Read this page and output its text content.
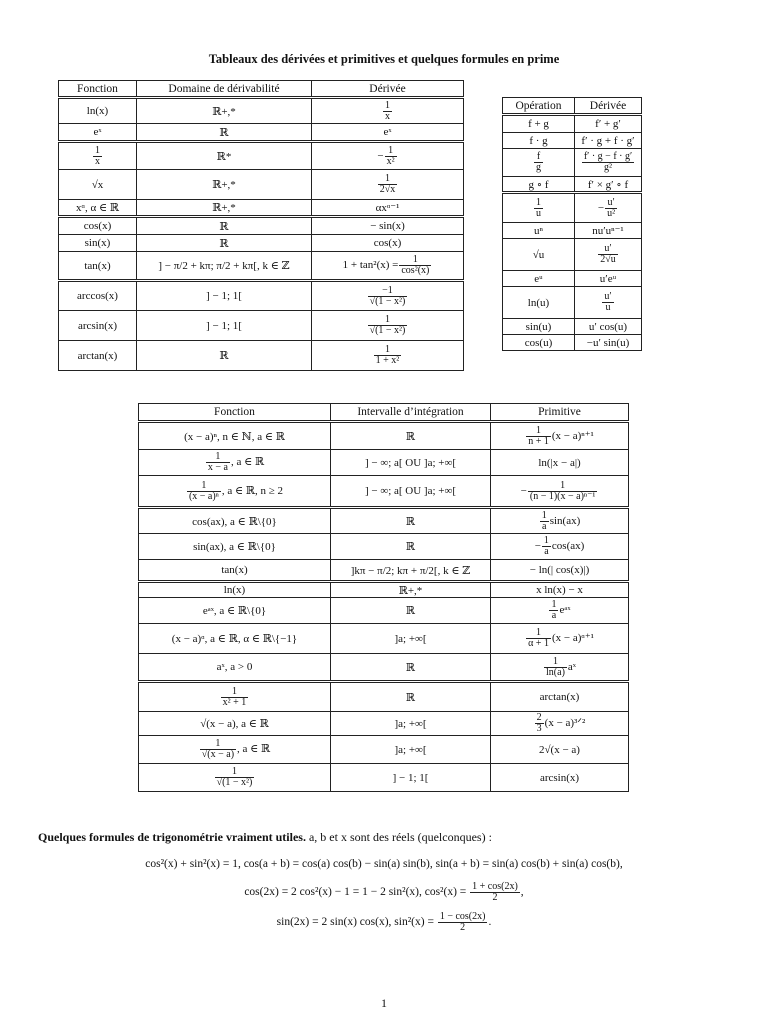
Tableaux des dérivées et primitives et quelques formules en prime
Fonction	Domaine de dérivabilité	Dérivée
ln(x)	ℝ+,*	$\frac{1}{x}$

eˣ	ℝ	eˣ

$\frac{1}{x}$	ℝ*	− $\frac{1}{\text{x²}}$

√x	ℝ+,*	$\frac{1}{2√x}$

xᵅ, α ∈ ℝ	ℝ+,*	αxᵅ⁻¹
cos(x)	ℝ	− sin(x)
sin(x)	ℝ	cos(x)
tan(x)	] − π/2 + kπ; π/2 + kπ[, k ∈ ℤ	$1 + \tan^2(x) = \frac{1}{\text{cos²(x)}}$

arccos(x)	] − 1; 1[	$\frac{-1}{\text{√(1 − x²)}}$

arcsin(x)	] − 1; 1[	$\frac{1}{\text{√(1 − x²)}}$

arctan(x)	ℝ	$\frac{1}{\text{1 + x²}}$
Opération	Dérivée
f + g	f′ + g′
f · g	f′ · g + f · g′

$\frac{f}{g}$	$\frac{f' \cdot g - f \cdot g'}{\text{g²}}$

g ∘ f	f′ × g′ ∘ f

$\frac{1}{u}$	− $\frac{u'}{\text{u²}}$

uⁿ	nu′uⁿ⁻¹
√u	$\frac{u'}{2√u}$

eᵘ	u′eᵘ
ln(u)	$\frac{u'}{u}$

sin(u)	u′ cos(u)
cos(u)	−u′ sin(u)
Fonction	Intervalle d’intégration	Primitive
(x − a)ⁿ, n ∈ ℕ, a ∈ ℝ	ℝ	$\frac{1}{n + 1} (x - a)^{n+1}$

$\frac{1}{x - a}$ , a ∈ ℝ	] − ∞; a[ OU ]a; +∞[	ln(|x − a|)

$\frac{1}{\text{(x − a)ⁿ}}$ , a ∈ ℝ, n ≥ 2	] − ∞; a[ OU ]a; +∞[	− $\frac{1}{\text{(n − 1)(x − a)ⁿ⁻¹}}$

cos(ax), a ∈ ℝ\{0}	ℝ	$\frac{1}{a} \sin(ax)$
sin(ax), a ∈ ℝ\{0}	ℝ	− $\frac{1}{a} \cos(ax)$
tan(x)	]kπ − π/2; kπ + π/2[, k ∈ ℤ	− ln(| cos(x)|)
ln(x)	ℝ+,*	x ln(x) − x
eᵃˣ, a ∈ ℝ\{0}	ℝ	$\frac{1}{a}$ eᵃˣ
(x − a)ᵅ, a ∈ ℝ, α ∈ ℝ\{−1}	]a; +∞[	$\frac{1}{\alpha + 1} (x$ − a)ᵅ⁺¹
aˣ, a > 0	ℝ	$\frac{1}{\ln(a)}$ aˣ

$\frac{1}{\text{x² + 1}}$	ℝ	arctan(x)
√(x − a), a ∈ ℝ	]a; +∞[	$\frac{2}{3} (x$ − a)³ᐟ²

$\frac{1}{√(x - a)}$ , a ∈ ℝ	]a; +∞[	2√(x − a)

$\frac{1}{\text{√(1 − x²)}}$	] − 1; 1[	arcsin(x)
Quelques formules de trigonométrie vraiment utiles. a, b et x sont des réels (quelconques) :
cos²(x) + sin²(x) = 1, cos(a + b) = cos(a) cos(b) − sin(a) sin(b), sin(a + b) = sin(a) cos(b) + sin(a) cos(b),
cos(2x) = 2 cos²(x) − 1 = 1 − 2 sin²(x), $\cos^2(x) = \frac{1 + \cos(2x)}{2}$ ,
sin(2x) = 2 sin(x) cos(x), $\sin^2(x) = \frac{1 - \cos(2x)}{2}$ .
1
